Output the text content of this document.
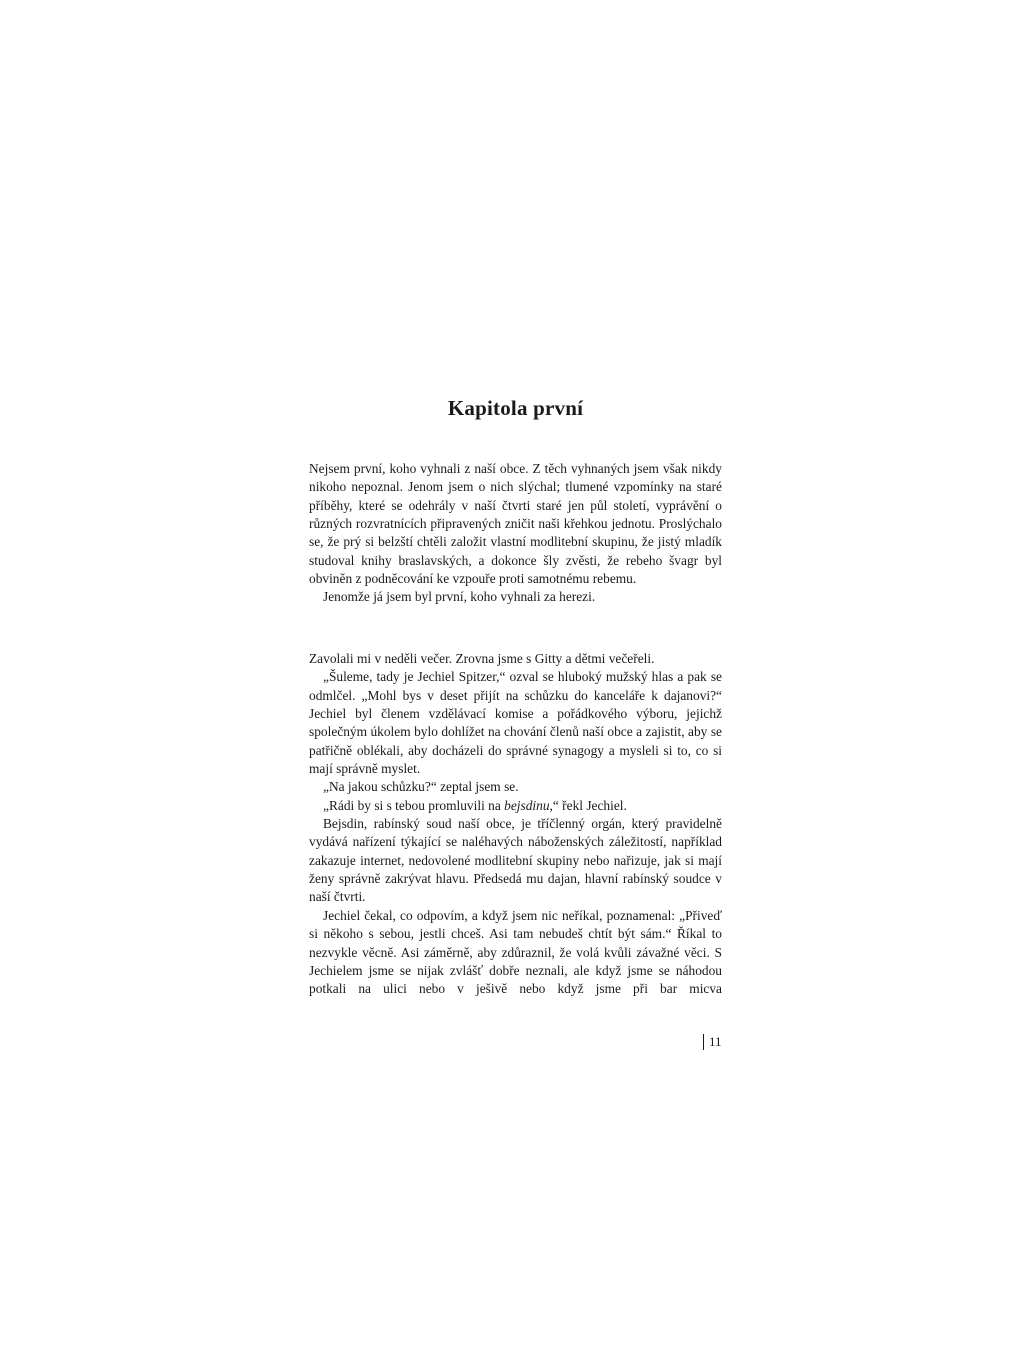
Kapitola první

Nejsem první, koho vyhnali z naší obce. Z těch vyhnaných jsem však nikdy nikoho nepoznal. Jenom jsem o nich slýchal; tlumené vzpomínky na staré příběhy, které se odehrály v naší čtvrti staré jen půl století, vyprávění o různých rozvratnících připravených zničit naši křehkou jednotu. Proslýchalo se, že prý si belzští chtěli založit vlastní modlitební skupinu, že jistý mladík studoval knihy braslavských, a dokonce šly zvěsti, že rebeho švagr byl obviněn z podněcování ke vzpouře proti samotnému rebemu.

Jenomže já jsem byl první, koho vyhnali za herezi.

Zavolali mi v neděli večer. Zrovna jsme s Gitty a dětmi večeřeli.

„Šuleme, tady je Jechiel Spitzer,“ ozval se hluboký mužský hlas a pak se odmlčel. „Mohl bys v deset přijít na schůzku do kanceláře k dajanovi?“ Jechiel byl členem vzdělávací komise a pořádkového výboru, jejichž společným úkolem bylo dohlížet na chování členů naší obce a zajistit, aby se patřičně oblékali, aby docházeli do správné synagogy a mysleli si to, co si mají správně myslet.

„Na jakou schůzku?“ zeptal jsem se.

„Rádi by si s tebou promluvili na bejsdinu,“ řekl Jechiel.

Bejsdin, rabínský soud naší obce, je tříčlenný orgán, který pravidelně vydává nařízení týkající se naléhavých náboženských záležitostí, například zakazuje internet, nedovolené modlitební skupiny nebo nařizuje, jak si mají ženy správně zakrývat hlavu. Předsedá mu dajan, hlavní rabínský soudce v naší čtvrti.

Jechiel čekal, co odpovím, a když jsem nic neříkal, poznamenal: „Přiveď si někoho s sebou, jestli chceš. Asi tam nebudeš chtít být sám.“ Říkal to nezvykle věcně. Asi záměrně, aby zdůraznil, že volá kvůli závažné věci. S Jechielem jsme se nijak zvlášť dobře neznali, ale když jsme se náhodou potkali na ulici nebo v ješivě nebo když jsme při bar micva

11
